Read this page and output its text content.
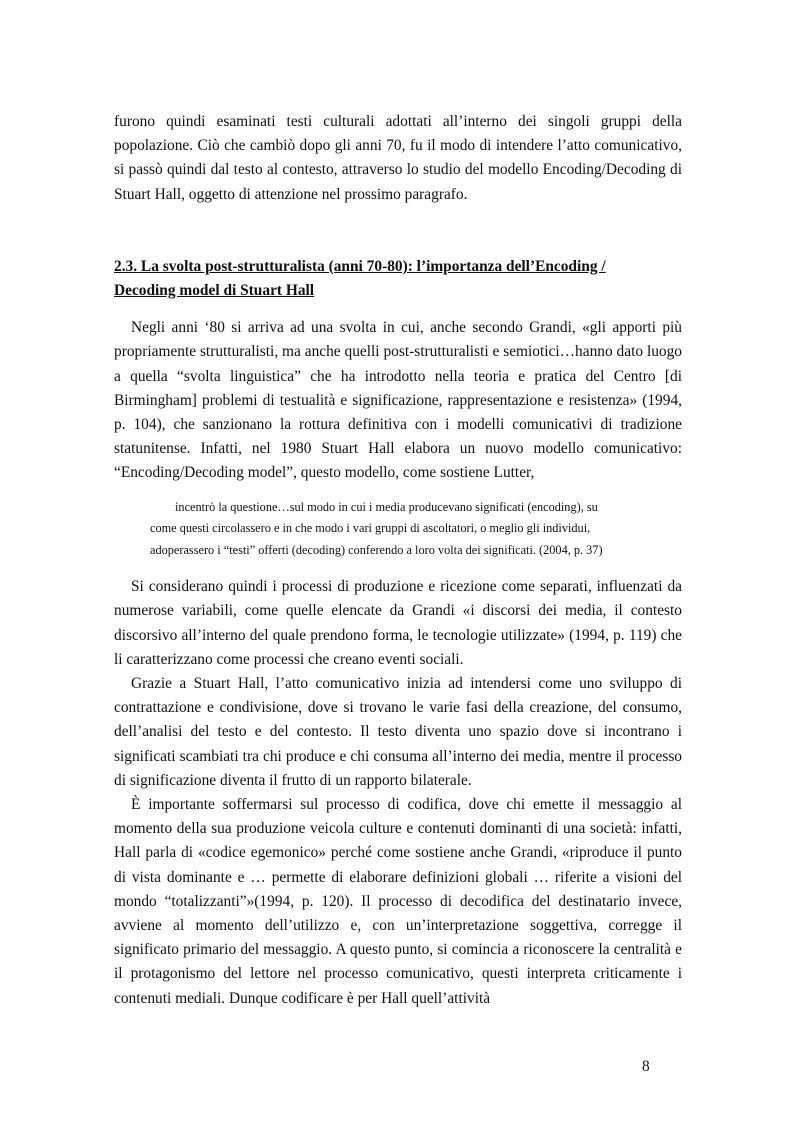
furono quindi esaminati testi culturali adottati all’interno dei singoli gruppi della popolazione. Ciò che cambiò dopo gli anni 70, fu il modo di intendere l’atto comunicativo, si passò quindi dal testo al contesto, attraverso lo studio del modello Encoding/Decoding di Stuart Hall, oggetto di attenzione nel prossimo paragrafo.

2.3. La svolta post-strutturalista (anni 70-80): l’importanza dell’Encoding /
Decoding model di Stuart Hall

Negli anni ‘80 si arriva ad una svolta in cui, anche secondo Grandi, «gli apporti più propriamente strutturalisti, ma anche quelli post-strutturalisti e semiotici…hanno dato luogo a quella “svolta linguistica” che ha introdotto nella teoria e pratica del Centro [di Birmingham] problemi di testualità e significazione, rappresentazione e resistenza» (1994, p. 104), che sanzionano la rottura definitiva con i modelli comunicativi di tradizione statunitense. Infatti, nel 1980 Stuart Hall elabora un nuovo modello comunicativo: “Encoding/Decoding model”, questo modello, come sostiene Lutter,

incentrò la questione…sul modo in cui i media producevano significati (encoding), su
come questi circolassero e in che modo i vari gruppi di ascoltatori, o meglio gli individui,
adoperassero i “testi” offerti (decoding) conferendo a loro volta dei significati. (2004, p. 37)

Si considerano quindi i processi di produzione e ricezione come separati, influenzati da numerose variabili, come quelle elencate da Grandi «i discorsi dei media, il contesto discorsivo all’interno del quale prendono forma, le tecnologie utilizzate» (1994, p. 119) che li caratterizzano come processi che creano eventi sociali.

Grazie a Stuart Hall, l’atto comunicativo inizia ad intendersi come uno sviluppo di contrattazione e condivisione, dove si trovano le varie fasi della creazione, del consumo, dell’analisi del testo e del contesto. Il testo diventa uno spazio dove si incontrano i significati scambiati tra chi produce e chi consuma all’interno dei media, mentre il processo di significazione diventa il frutto di un rapporto bilaterale.

È importante soffermarsi sul processo di codifica, dove chi emette il messaggio al momento della sua produzione veicola culture e contenuti dominanti di una società: infatti, Hall parla di «codice egemonico» perché come sostiene anche Grandi, «riproduce il punto di vista dominante e … permette di elaborare definizioni globali … riferite a visioni del mondo “totalizzanti”»(1994, p. 120). Il processo di decodifica del destinatario invece, avviene al momento dell’utilizzo e, con un’interpretazione soggettiva, corregge il significato primario del messaggio. A questo punto, si comincia a riconoscere la centralità e il protagonismo del lettore nel processo comunicativo, questi interpreta criticamente i contenuti mediali. Dunque codificare è per Hall quell’attività

8
